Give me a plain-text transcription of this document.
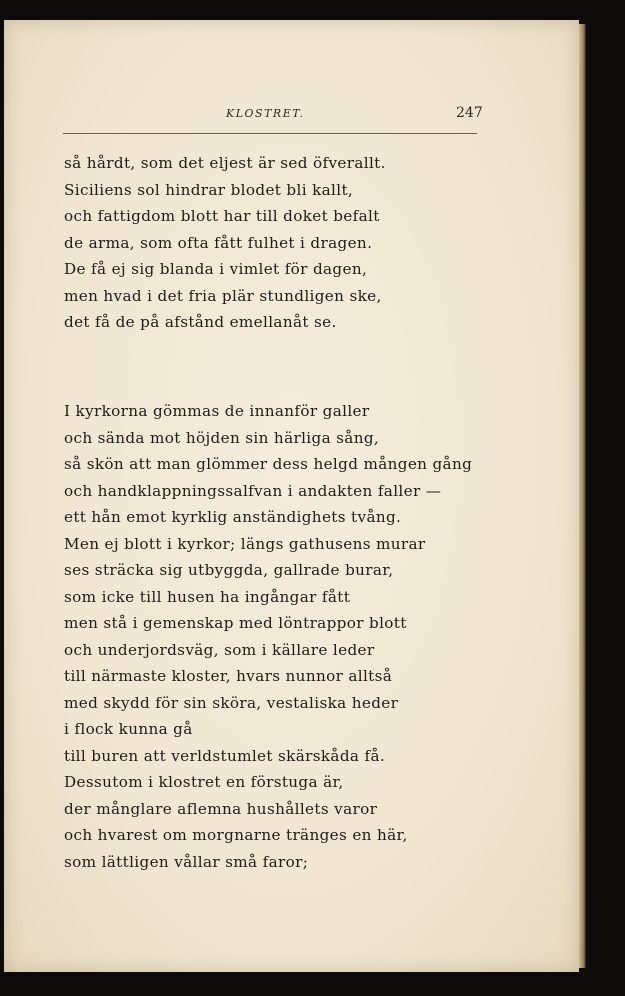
KLOSTRET.	247
så hårdt, som det eljest är sed öfverallt.
Siciliens sol hindrar blodet bli kallt,
och fattigdom blott har till doket befalt
de arma, som ofta fått fulhet i dragen.
De få ej sig blanda i vimlet för dagen,
men hvad i det fria plär stundligen ske,
det få de på afstånd emellanåt se.
I kyrkorna gömmas de innanför galler
och sända mot höjden sin härliga sång,
så skön att man glömmer dess helgd mången gång
och handklappningssalfvan i andakten faller —
ett hån emot kyrklig anständighets tvång.
Men ej blott i kyrkor; längs gathusens murar
ses sträcka sig utbyggda, gallrade burar,
som icke till husen ha ingångar fått
men stå i gemenskap med löntrappor blott
och underjordsväg, som i källare leder
till närmaste kloster, hvars nunnor alltså
med skydd för sin sköra, vestaliska heder
i flock kunna gå
till buren att verldstumlet skärskåda få.
Dessutom i klostret en förstuga är,
der månglare aflemna hushållets varor
och hvarest om morgnarne tränges en här,
som lättligen vållar små faror;
